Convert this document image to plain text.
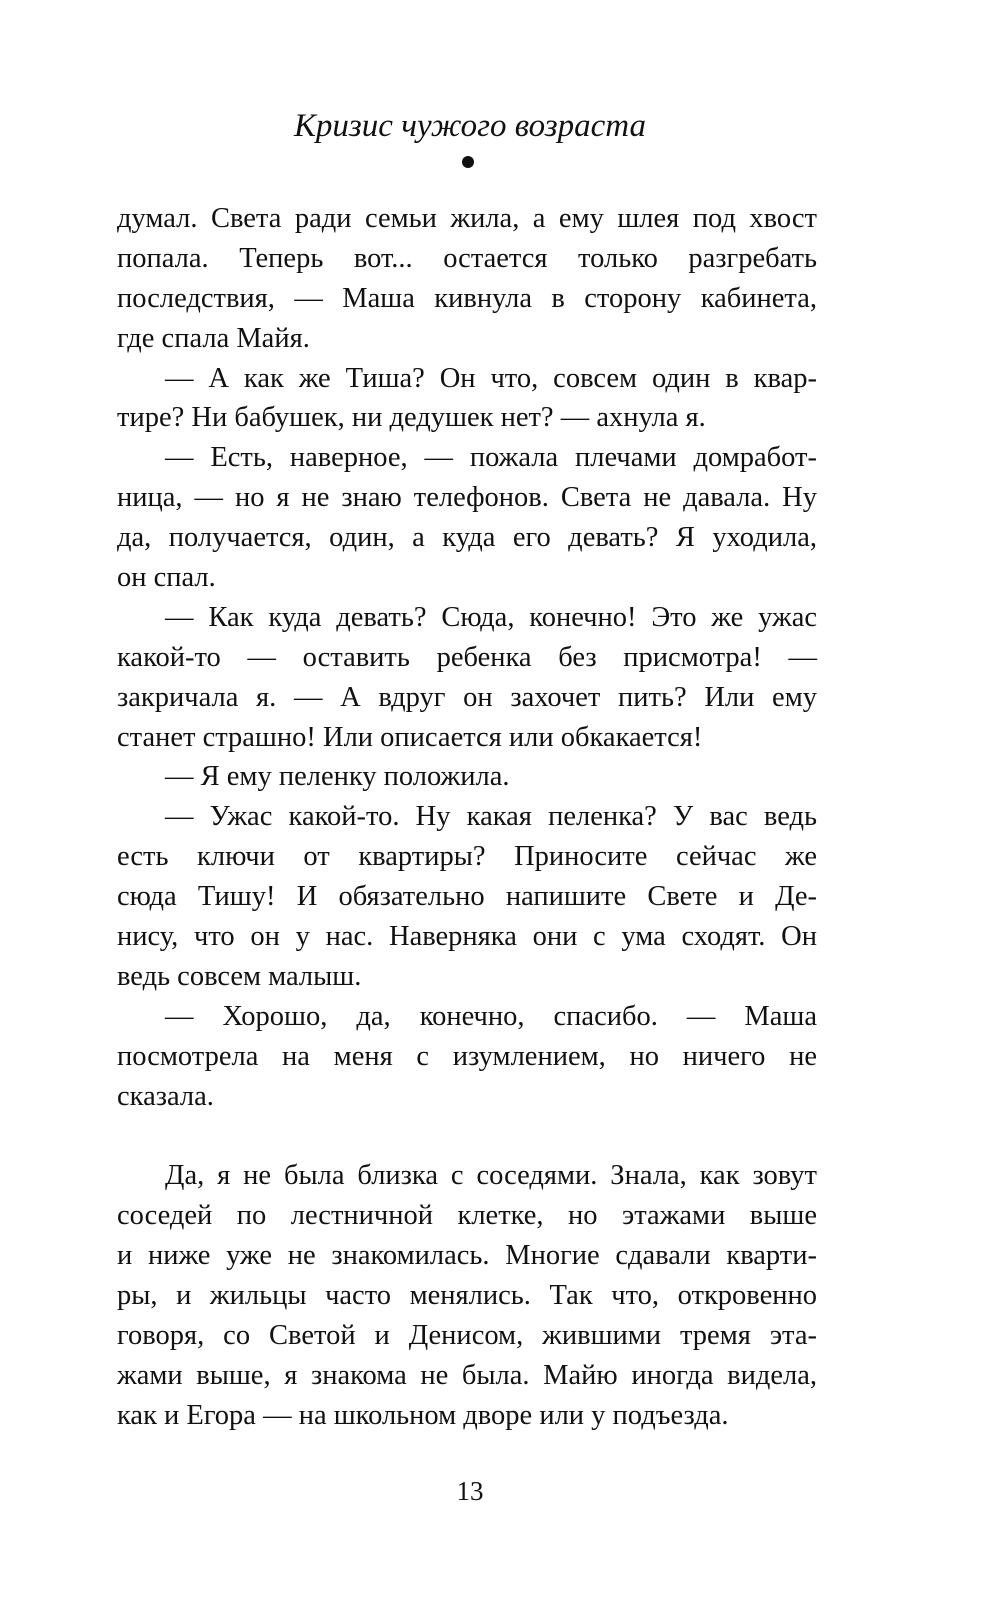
Кризис чужого возраста
думал. Света ради семьи жила, а ему шлея под хвост
попала. Теперь вот... остается только разгребать
последствия, — Маша кивнула в сторону кабинета,
где спала Майя.
— А как же Тиша? Он что, совсем один в квар-
тире? Ни бабушек, ни дедушек нет? — ахнула я.
— Есть, наверное, — пожала плечами домработ-
ница, — но я не знаю телефонов. Света не давала. Ну
да, получается, один, а куда его девать? Я уходила,
он спал.
— Как куда девать? Сюда, конечно! Это же ужас
какой-то — оставить ребенка без присмотра! —
закричала я. — А вдруг он захочет пить? Или ему
станет страшно! Или описается или обкакается!
— Я ему пеленку положила.
— Ужас какой-то. Ну какая пеленка? У вас ведь
есть ключи от квартиры? Приносите сейчас же
сюда Тишу! И обязательно напишите Свете и Де-
нису, что он у нас. Наверняка они с ума сходят. Он
ведь совсем малыш.
— Хорошо, да, конечно, спасибо. — Маша
посмотрела на меня с изумлением, но ничего не
сказала.
Да, я не была близка с соседями. Знала, как зовут
соседей по лестничной клетке, но этажами выше
и ниже уже не знакомилась. Многие сдавали кварти-
ры, и жильцы часто менялись. Так что, откровенно
говоря, со Светой и Денисом, жившими тремя эта-
жами выше, я знакома не была. Майю иногда видела,
как и Егора — на школьном дворе или у подъезда.
13
